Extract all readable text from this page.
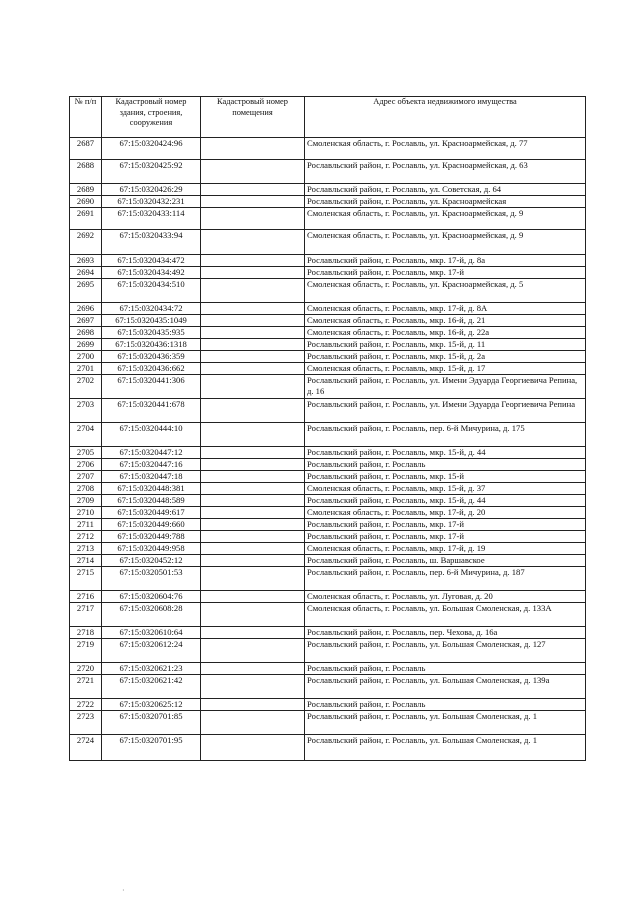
№ п/п	Кадастровый номер здания, строения, сооружения	Кадастровый номер помещения	Адрес объекта недвижимого имущества
2687	67:15:0320424:96		Смоленская область, г. Рославль, ул. Красноармейская, д. 77
2688	67:15:0320425:92		Рославльский район, г. Рославль, ул. Красноармейская, д. 63
2689	67:15:0320426:29		Рославльский район, г. Рославль, ул. Советская, д. 64
2690	67:15:0320432:231		Рославльский район, г. Рославль, ул. Красноармейская
2691	67:15:0320433:114		Смоленская область, г. Рославль, ул. Красноармейская, д. 9
2692	67:15:0320433:94		Смоленская область, г. Рославль, ул. Красноармейская, д. 9
2693	67:15:0320434:472		Рославльский район, г. Рославль, мкр. 17-й, д. 8а
2694	67:15:0320434:492		Рославльский район, г. Рославль, мкр. 17-й
2695	67:15:0320434:510		Смоленская область, г. Рославль, ул. Красноармейская, д. 5
2696	67:15:0320434:72		Смоленская область, г. Рославль, мкр. 17-й, д. 8А
2697	67:15:0320435:1049		Смоленская область, г. Рославль, мкр. 16-й, д. 21
2698	67:15:0320435:935		Смоленская область, г. Рославль, мкр. 16-й, д. 22а
2699	67:15:0320436:1318		Рославльский район, г. Рославль, мкр. 15-й, д. 11
2700	67:15:0320436:359		Рославльский район, г. Рославль, мкр. 15-й, д. 2а
2701	67:15:0320436:662		Смоленская область, г. Рославль, мкр. 15-й, д. 17
2702	67:15:0320441:306		Рославльский район, г. Рославль, ул. Имени Эдуарда Георгиевича Репина, д. 16
2703	67:15:0320441:678		Рославльский район, г. Рославль, ул. Имени Эдуарда Георгиевича Репина
2704	67:15:0320444:10		Рославльский район, г. Рославль, пер. 6-й Мичурина, д. 175
2705	67:15:0320447:12		Рославльский район, г. Рославль, мкр. 15-й, д. 44
2706	67:15:0320447:16		Рославльский район, г. Рославль
2707	67:15:0320447:18		Рославльский район, г. Рославль, мкр. 15-й
2708	67:15:0320448:381		Смоленская область, г. Рославль, мкр. 15-й, д. 37
2709	67:15:0320448:589		Рославльский район, г. Рославль, мкр. 15-й, д. 44
2710	67:15:0320449:617		Смоленская область, г. Рославль, мкр. 17-й, д. 20
2711	67:15:0320449:660		Рославльский район, г. Рославль, мкр. 17-й
2712	67:15:0320449:788		Рославльский район, г. Рославль, мкр. 17-й
2713	67:15:0320449:958		Смоленская область, г. Рославль, мкр. 17-й, д. 19
2714	67:15:0320452:12		Рославльский район, г. Рославль, ш. Варшавское
2715	67:15:0320501:53		Рославльский район, г. Рославль, пер. 6-й Мичурина, д. 187
2716	67:15:0320604:76		Смоленская область, г. Рославль, ул. Луговая, д. 20
2717	67:15:0320608:28		Смоленская область, г. Рославль, ул. Большая Смоленская, д. 133А
2718	67:15:0320610:64		Рославльский район, г. Рославль, пер. Чехова, д. 16а
2719	67:15:0320612:24		Рославльский район, г. Рославль, ул. Большая Смоленская, д. 127
2720	67:15:0320621:23		Рославльский район, г. Рославль
2721	67:15:0320621:42		Рославльский район, г. Рославль, ул. Большая Смоленская, д. 139а
2722	67:15:0320625:12		Рославльский район, г. Рославль
2723	67:15:0320701:85		Рославльский район, г. Рославль, ул. Большая Смоленская, д. 1
2724	67:15:0320701:95		Рославльский район, г. Рославль, ул. Большая Смоленская, д. 1
·
